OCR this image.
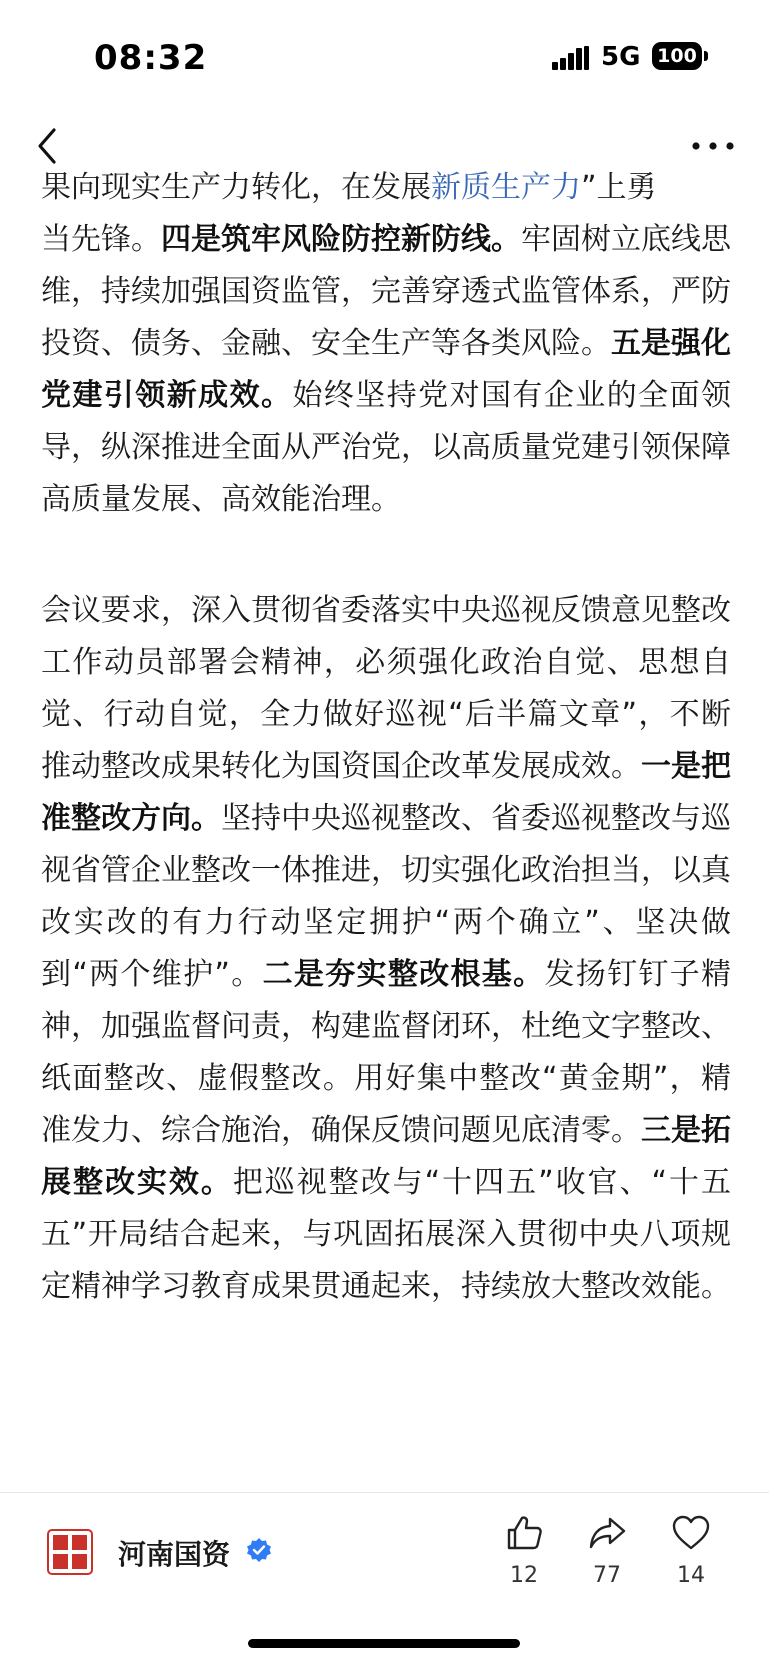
08:32	5G 100
果向现实生产力转化，在发展新质生产力”上勇
当先锋。四是筑牢风险防控新防线。牢固树立底线思维，持续加强国资监管，完善穿透式监管体系，严防投资、债务、金融、安全生产等各类风险。五是强化党建引领新成效。始终坚持党对国有企业的全面领导，纵深推进全面从严治党，以高质量党建引领保障高质量发展、高效能治理。
会议要求，深入贯彻省委落实中央巡视反馈意见整改工作动员部署会精神，必须强化政治自觉、思想自觉、行动自觉，全力做好巡视“后半篇文章”，不断推动整改成果转化为国资国企改革发展成效。一是把准整改方向。坚持中央巡视整改、省委巡视整改与巡视省管企业整改一体推进，切实强化政治担当，以真改实改的有力行动坚定拥护“两个确立”、坚决做到“两个维护”。二是夯实整改根基。发扬钉钉子精神，加强监督问责，构建监督闭环，杜绝文字整改、纸面整改、虚假整改。用好集中整改“黄金期”，精准发力、综合施治，确保反馈问题见底清零。三是拓展整改实效。把巡视整改与“十四五”收官、“十五五”开局结合起来，与巩固拓展深入贯彻中央八项规定精神学习教育成果贯通起来，持续放大整改效能。
河南国资
12	77	14
